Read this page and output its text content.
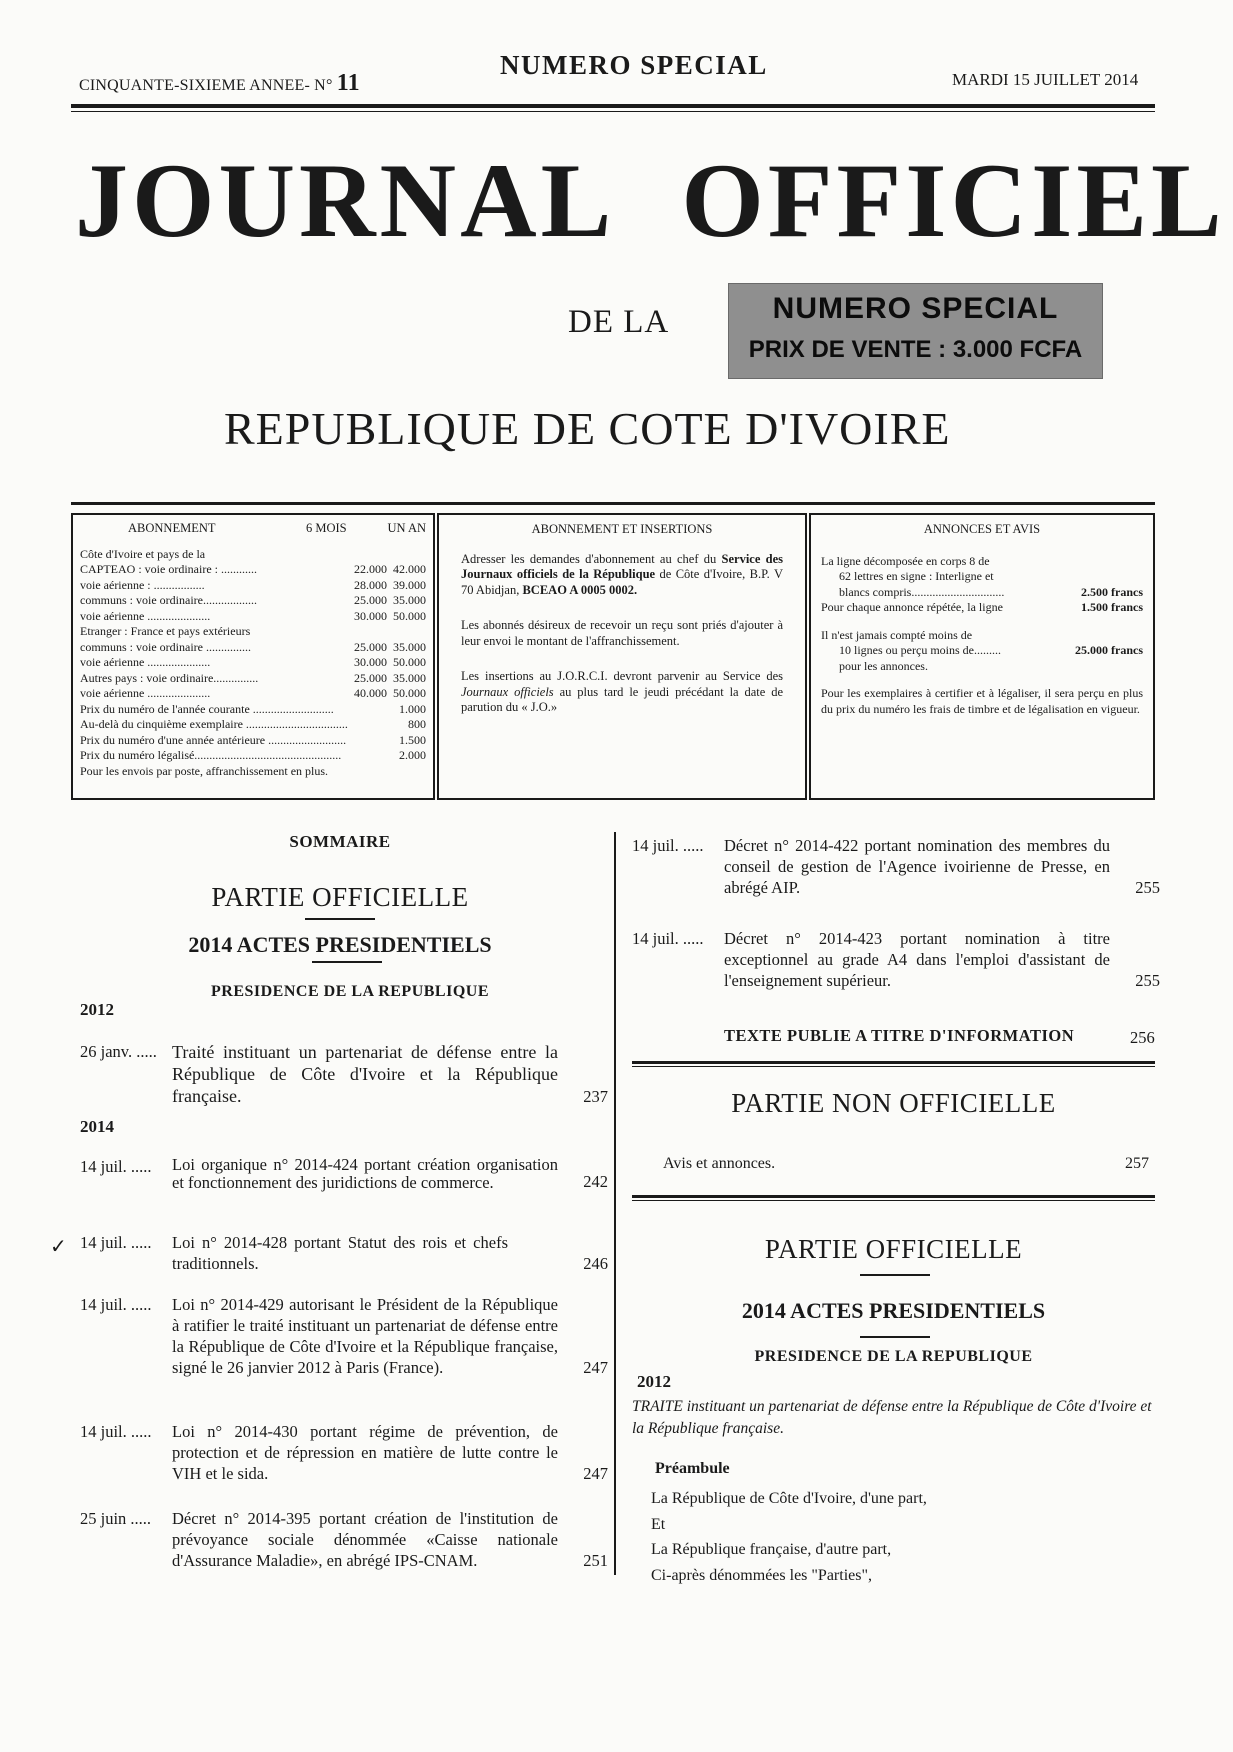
CINQUANTE-SIXIEME ANNEE- N° 11
NUMERO SPECIAL	MARDI 15 JUILLET 2014
JOURNAL OFFICIEL
DE LA	NUMERO SPECIAL
PRIX DE VENTE : 3.000 FCFA
REPUBLIQUE DE COTE D'IVOIRE
ABONNEMENT	6 MOIS	UN AN
Côte d'Ivoire et pays de la
CAPTEAO : voie ordinaire : ............	22.000 42.000
voie aérienne : .................	28.000 39.000
communs : voie ordinaire..................	25.000 35.000
voie aérienne .....................	30.000 50.000
Etranger : France et pays extérieurs
communs : voie ordinaire ...............	25.000 35.000
voie aérienne .....................	30.000 50.000
Autres pays : voie ordinaire...............	25.000 35.000
voie aérienne .....................	40.000 50.000
Prix du numéro de l'année courante ...........................	1.000
Au-delà du cinquième exemplaire ..................................	800
Prix du numéro d'une année antérieure ..........................	1.500
Prix du numéro légalisé.................................................	2.000
Pour les envois par poste, affranchissement en plus.
ABONNEMENT ET INSERTIONS

Adresser les demandes d'abonnement au chef du Service des Journaux officiels de la République de Côte d'Ivoire, B.P. V 70 Abidjan, BCEAO A 0005 0002.

Les abonnés désireux de recevoir un reçu sont priés d'ajouter à leur envoi le montant de l'affranchissement.

Les insertions au J.O.R.C.I. devront parvenir au Service des Journaux officiels au plus tard le jeudi précédant la date de parution du « J.O.»

ANNONCES ET AVIS
La ligne décomposée en corps 8 de
62 lettres en signe : Interligne et
blancs compris...............................	2.500 francs
Pour chaque annonce répétée, la ligne	1.500 francs
Il n'est jamais compté moins de
10 lignes ou perçu moins de.........	25.000 francs
pour les annonces.
Pour les exemplaires à certifier et à légaliser, il sera perçu en plus du prix du numéro les frais de timbre et de légalisation en vigueur.
SOMMAIRE
PARTIE OFFICIELLE
2014 ACTES PRESIDENTIELS
PRESIDENCE DE LA REPUBLIQUE
2012
26 janv. ..... Traité instituant un partenariat de défense entre la République de Côte d'Ivoire et la République française.	237
2014
14 juil. .....	Loi organique n° 2014-424 portant création organisation et fonctionnement des juridictions de commerce.	242
✓ 14 juil. .....	Loi n° 2014-428 portant Statut des rois et chefs traditionnels.	246
14 juil. .....	Loi n° 2014-429 autorisant le Président de la République à ratifier le traité instituant un partenariat de défense entre la République de Côte d'Ivoire et la République française, signé le 26 janvier 2012 à Paris (France).	247
14 juil. .....	Loi n° 2014-430 portant régime de prévention, de protection et de répression en matière de lutte contre le VIH et le sida.	247
25 juin .....	Décret n° 2014-395 portant création de l'institution de prévoyance sociale dénommée «Caisse nationale d'Assurance Maladie», en abrégé IPS-CNAM.	251
14 juil. .....	Décret n° 2014-422 portant nomination des membres du conseil de gestion de l'Agence ivoirienne de Presse, en abrégé AIP.	255
14 juil. .....	Décret n° 2014-423 portant nomination à titre exceptionnel au grade A4 dans l'emploi d'assistant de l'enseignement supérieur.	255
TEXTE PUBLIE A TITRE D'INFORMATION	256
PARTIE NON OFFICIELLE
Avis et annonces.	257
PARTIE OFFICIELLE
2014 ACTES PRESIDENTIELS
PRESIDENCE DE LA REPUBLIQUE
2012
TRAITE instituant un partenariat de défense entre la République de Côte d'Ivoire et la République française.
Préambule
La République de Côte d'Ivoire, d'une part,
Et
La République française, d'autre part,
Ci-après dénommées les "Parties",
